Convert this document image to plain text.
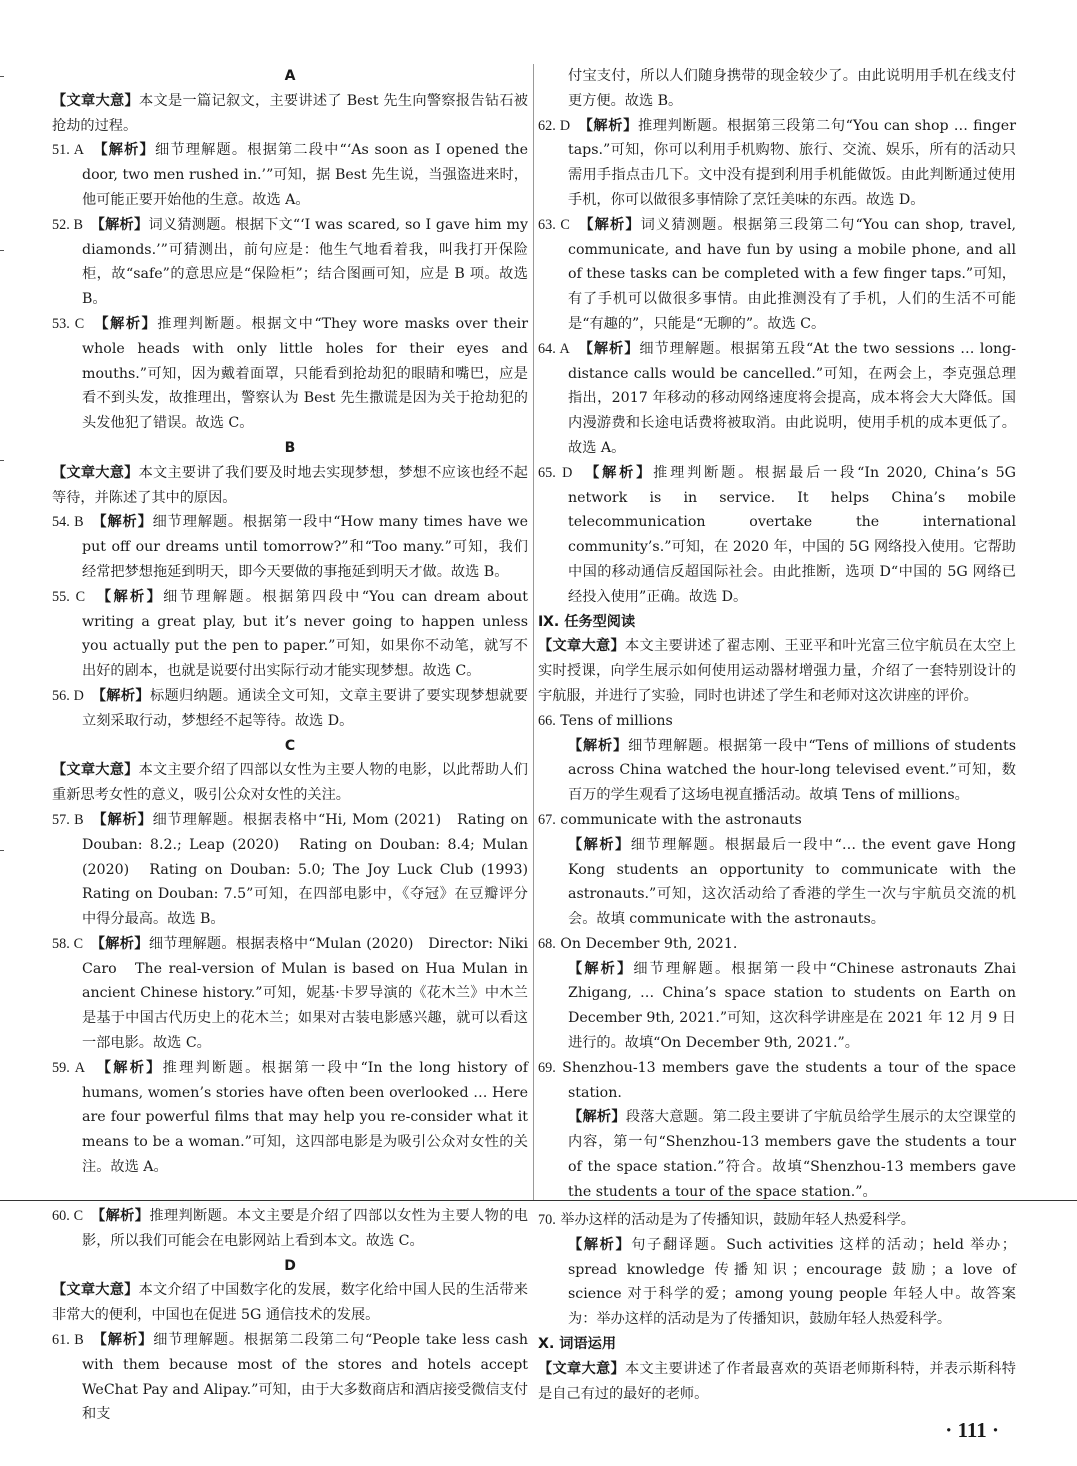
A

【文章大意】本文是一篇记叙文，主要讲述了 Best 先生向警察报告钻石被抢劫的过程。

51. A　 【解析】细节理解题。根据第二段中“‘As soon as I opened the door, two men rushed in.’”可知，据 Best 先生说，当强盗进来时，他可能正要开始他的生意。故选 A。

52. B　 【解析】词义猜测题。根据下文“‘I was scared, so I gave him my diamonds.’”可猜测出，前句应是：他生气地看着我，叫我打开保险柜，故“safe”的意思应是“保险柜”；结合图画可知，应是 B 项。故选 B。

53. C　 【解析】推理判断题。根据文中“They wore masks over their whole heads with only little holes for their eyes and mouths.”可知，因为戴着面罩，只能看到抢劫犯的眼睛和嘴巴，应是看不到头发，故推理出，警察认为 Best 先生撒谎是因为关于抢劫犯的头发他犯了错误。故选 C。

B

【文章大意】本文主要讲了我们要及时地去实现梦想，梦想不应该也经不起等待，并陈述了其中的原因。

54. B　 【解析】细节理解题。根据第一段中“How many times have we put off our dreams until tomorrow?”和“Too many.”可知，我们经常把梦想拖延到明天，即今天要做的事拖延到明天才做。故选 B。

55. C　 【解析】细节理解题。根据第四段中“You can dream about writing a great play, but it’s never going to happen unless you actually put the pen to paper.”可知，如果你不动笔，就写不出好的剧本，也就是说要付出实际行动才能实现梦想。故选 C。

56. D　 【解析】标题归纳题。通读全文可知，文章主要讲了要实现梦想就要立刻采取行动，梦想经不起等待。故选 D。

C

【文章大意】本文主要介绍了四部以女性为主要人物的电影，以此帮助人们重新思考女性的意义，吸引公众对女性的关注。

57. B　 【解析】细节理解题。根据表格中“Hi, Mom (2021)　Rating on Douban: 8.2.; Leap (2020)　Rating on Douban: 8.4; Mulan (2020)　Rating on Douban: 5.0; The Joy Luck Club (1993)　Rating on Douban: 7.5”可知，在四部电影中，《夺冠》在豆瓣评分中得分最高。故选 B。

58. C　 【解析】细节理解题。根据表格中“Mulan (2020)　Director: Niki Caro　The real-version of Mulan is based on Hua Mulan in ancient Chinese history.”可知，妮基·卡罗导演的《花木兰》中木兰是基于中国古代历史上的花木兰；如果对古装电影感兴趣，就可以看这一部电影。故选 C。

59. A　 【解析】推理判断题。根据第一段中“In the long history of humans, women’s stories have often been overlooked … Here are four powerful films that may help you re-consider what it means to be a woman.”可知，这四部电影是为吸引公众对女性的关注。故选 A。

付宝支付，所以人们随身携带的现金较少了。由此说明用手机在线支付更方便。故选 B。

62. D　 【解析】推理判断题。根据第三段第二句“You can shop … finger taps.”可知，你可以利用手机购物、旅行、交流、娱乐，所有的活动只需用手指点击几下。文中没有提到利用手机能做饭。由此判断通过使用手机，你可以做很多事情除了烹饪美味的东西。故选 D。

63. C　 【解析】词义猜测题。根据第三段第二句“You can shop, travel, communicate, and have fun by using a mobile phone, and all of these tasks can be completed with a few finger taps.”可知，有了手机可以做很多事情。由此推测没有了手机，人们的生活不可能是“有趣的”，只能是“无聊的”。故选 C。

64. A　 【解析】细节理解题。根据第五段“At the two sessions … long-distance calls would be cancelled.”可知，在两会上，李克强总理指出，2017 年移动的移动网络速度将会提高，成本将会大大降低。国内漫游费和长途电话费将被取消。由此说明，使用手机的成本更低了。故选 A。

65. D　 【解析】推理判断题。根据最后一段“In 2020, China’s 5G network is in service. It helps China’s mobile telecommunication overtake the international community’s.”可知，在 2020 年，中国的 5G 网络投入使用。它帮助中国的移动通信反超国际社会。由此推断，选项 D“中国的 5G 网络已经投入使用”正确。故选 D。

Ⅸ. 任务型阅读

【文章大意】本文主要讲述了翟志刚、王亚平和叶光富三位宇航员在太空上实时授课，向学生展示如何使用运动器材增强力量，介绍了一套特别设计的宇航服，并进行了实验，同时也讲述了学生和老师对这次讲座的评价。

66. Tens of millions

【解析】细节理解题。根据第一段中“Tens of millions of students across China watched the hour-long televised event.”可知，数百万的学生观看了这场电视直播活动。故填 Tens of millions。

67. communicate with the astronauts

【解析】细节理解题。根据最后一段中“… the event gave Hong Kong students an opportunity to communicate with the astronauts.”可知，这次活动给了香港的学生一次与宇航员交流的机会。故填 communicate with the astronauts。

68. On December 9th, 2021.

【解析】细节理解题。根据第一段中“Chinese astronauts Zhai Zhigang, … China’s space station to students on Earth on December 9th, 2021.”可知，这次科学讲座是在 2021 年 12 月 9 日进行的。故填“On December 9th, 2021.”。

69. Shenzhou-13 members gave the students a tour of the space station.

【解析】段落大意题。第二段主要讲了宇航员给学生展示的太空课堂的内容，第一句“Shenzhou-13 members gave the students a tour of the space station.”符合。故填“Shenzhou-13 members gave the students a tour of the space station.”。

60. C　 【解析】推理判断题。本文主要是介绍了四部以女性为主要人物的电影，所以我们可能会在电影网站上看到本文。故选 C。

D

【文章大意】本文介绍了中国数字化的发展，数字化给中国人民的生活带来非常大的便利，中国也在促进 5G 通信技术的发展。

61. B　 【解析】细节理解题。根据第二段第二句“People take less cash with them because most of the stores and hotels accept WeChat Pay and Alipay.”可知，由于大多数商店和酒店接受微信支付和支

70. 举办这样的活动是为了传播知识，鼓励年轻人热爱科学。

【解析】句子翻译题。Such activities 这样的活动；held 举办；spread knowledge 传播知识；encourage 鼓励；a love of science 对于科学的爱；among young people 年轻人中。故答案为：举办这样的活动是为了传播知识，鼓励年轻人热爱科学。

Ⅹ. 词语运用

【文章大意】本文主要讲述了作者最喜欢的英语老师斯科特，并表示斯科特是自己有过的最好的老师。

· 111 ·
